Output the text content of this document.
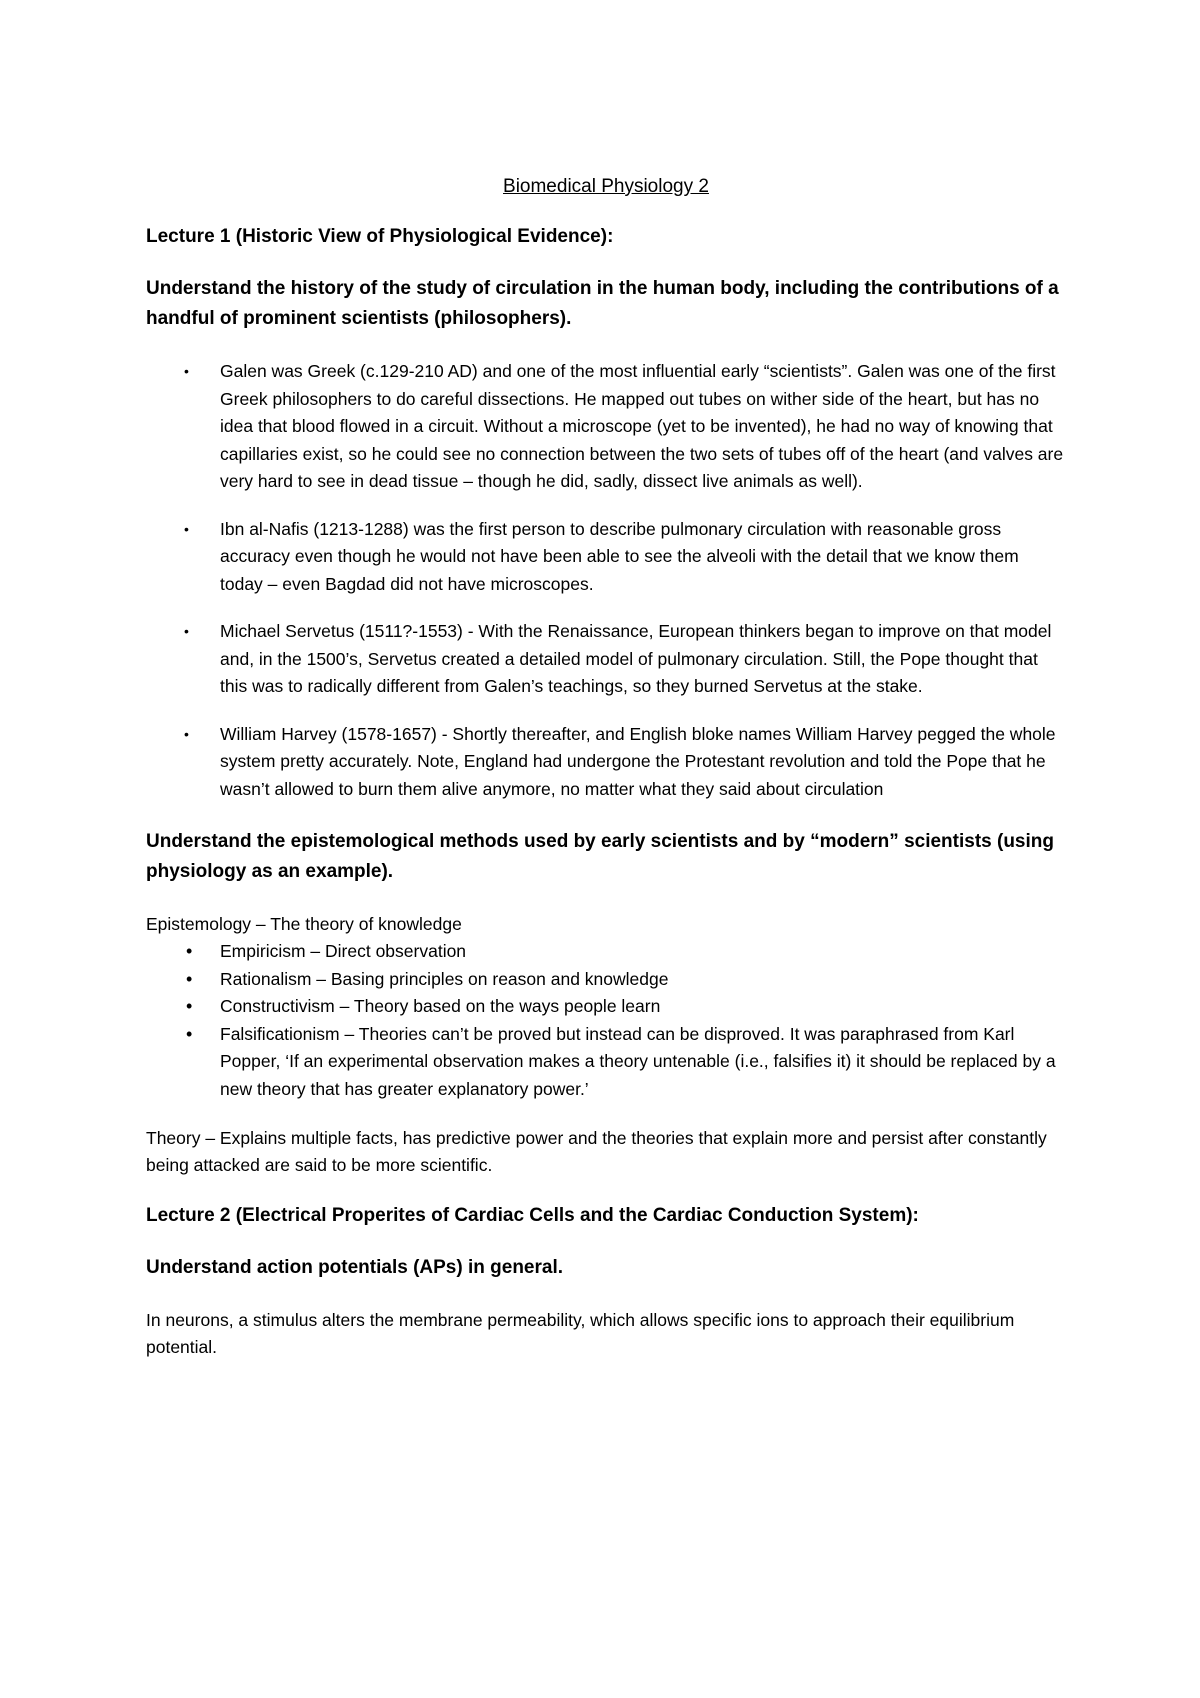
Biomedical Physiology 2
Lecture 1 (Historic View of Physiological Evidence):
Understand the history of the study of circulation in the human body, including the contributions of a handful of prominent scientists (philosophers).
• Galen was Greek (c.129-210 AD) and one of the most influential early “scientists”. Galen was one of the first Greek philosophers to do careful dissections. He mapped out tubes on wither side of the heart, but has no idea that blood flowed in a circuit. Without a microscope (yet to be invented), he had no way of knowing that capillaries exist, so he could see no connection between the two sets of tubes off of the heart (and valves are very hard to see in dead tissue – though he did, sadly, dissect live animals as well).
• Ibn al-Nafis (1213-1288) was the first person to describe pulmonary circulation with reasonable gross accuracy even though he would not have been able to see the alveoli with the detail that we know them today – even Bagdad did not have microscopes.
• Michael Servetus (1511?-1553) - With the Renaissance, European thinkers began to improve on that model and, in the 1500’s, Servetus created a detailed model of pulmonary circulation. Still, the Pope thought that this was to radically different from Galen’s teachings, so they burned Servetus at the stake.
• William Harvey (1578-1657) - Shortly thereafter, and English bloke names William Harvey pegged the whole system pretty accurately. Note, England had undergone the Protestant revolution and told the Pope that he wasn’t allowed to burn them alive anymore, no matter what they said about circulation
Understand the epistemological methods used by early scientists and by “modern” scientists (using physiology as an example).
Epistemology – The theory of knowledge
• Empiricism – Direct observation
• Rationalism – Basing principles on reason and knowledge
• Constructivism – Theory based on the ways people learn
• Falsificationism – Theories can’t be proved but instead can be disproved. It was paraphrased from Karl Popper, ‘If an experimental observation makes a theory untenable (i.e., falsifies it) it should be replaced by a new theory that has greater explanatory power.’
Theory – Explains multiple facts, has predictive power and the theories that explain more and persist after constantly being attacked are said to be more scientific.
Lecture 2 (Electrical Properites of Cardiac Cells and the Cardiac Conduction System):
Understand action potentials (APs) in general.
In neurons, a stimulus alters the membrane permeability, which allows specific ions to approach their equilibrium potential.
